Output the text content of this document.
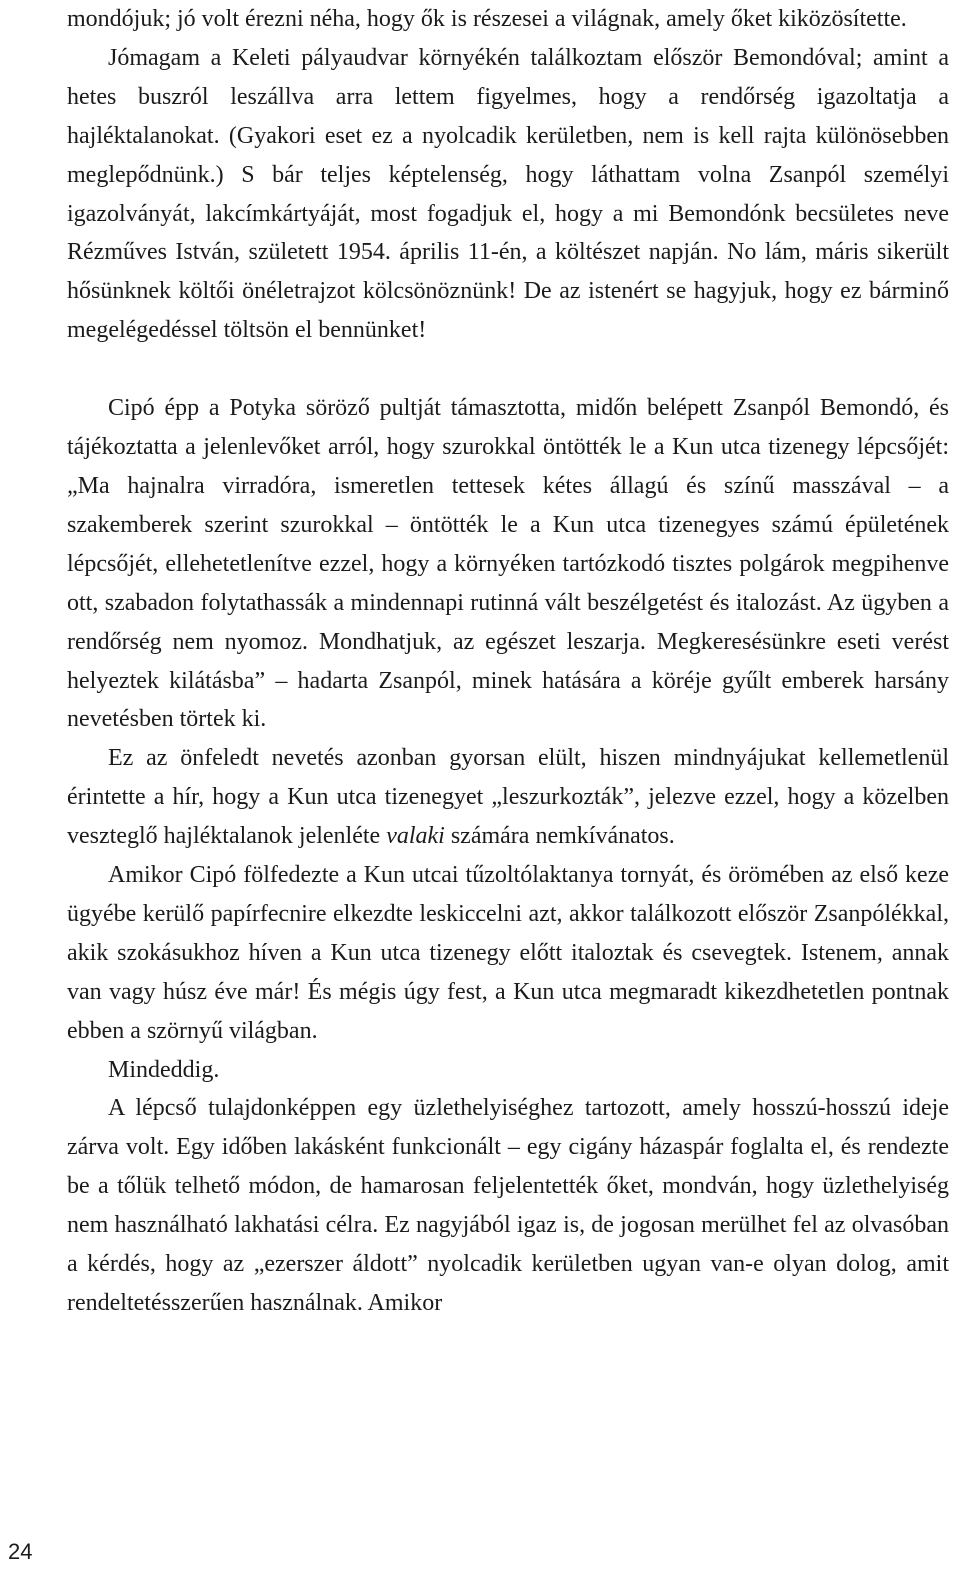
mondójuk; jó volt érezni néha, hogy ők is részesei a világnak, amely őket kiközösítette.

Jómagam a Keleti pályaudvar környékén találkoztam először Bemondóval; amint a hetes buszról leszállva arra lettem figyelmes, hogy a rendőrség igazoltatja a hajléktalanokat. (Gyakori eset ez a nyolcadik kerületben, nem is kell rajta különösebben meglepődnünk.) S bár teljes képtelenség, hogy láthattam volna Zsanpól személyi igazolványát, lakcímkártyáját, most fogadjuk el, hogy a mi Bemondónk becsületes neve Rézműves István, született 1954. április 11-én, a költészet napján. No lám, máris sikerült hősünknek költői önéletrajzot kölcsönöznünk! De az istenért se hagyjuk, hogy ez bárminő megelégedéssel töltsön el bennünket!

Cipó épp a Potyka söröző pultját támasztotta, midőn belépett Zsanpól Bemondó, és tájékoztatta a jelenlevőket arról, hogy szurokkal öntötték le a Kun utca tizenegy lépcsőjét: „Ma hajnalra virradóra, ismeretlen tettesek kétes állagú és színű masszával – a szakemberek szerint szurokkal – öntötték le a Kun utca tizenegyes számú épületének lépcsőjét, ellehetetlenítve ezzel, hogy a környéken tartózkodó tisztes polgárok megpihenve ott, szabadon folytathassák a mindennapi rutinná vált beszélgetést és italozást. Az ügyben a rendőrség nem nyomoz. Mondhatjuk, az egészet leszarja. Megkeresésünkre eseti verést helyeztek kilátásba” – hadarta Zsanpól, minek hatására a köréje gyűlt emberek harsány nevetésben törtek ki.

Ez az önfeledt nevetés azonban gyorsan elült, hiszen mindnyájukat kellemetlenül érintette a hír, hogy a Kun utca tizenegyet „leszurkozták”, jelezve ezzel, hogy a közelben veszteglő hajléktalanok jelenléte valaki számára nemkívánatos.

Amikor Cipó fölfedezte a Kun utcai tűzoltólaktanya tornyát, és örömében az első keze ügyébe kerülő papírfecnire elkezdte leskiccelni azt, akkor találkozott először Zsanpólékkal, akik szokásukhoz híven a Kun utca tizenegy előtt italoztak és csevegtek. Istenem, annak van vagy húsz éve már! És mégis úgy fest, a Kun utca megmaradt kikezdhetetlen pontnak ebben a szörnyű világban.

Mindeddig.

A lépcső tulajdonképpen egy üzlethelyiséghez tartozott, amely hosszú-hosszú ideje zárva volt. Egy időben lakásként funkcionált – egy cigány házaspár foglalta el, és rendezte be a tőlük telhető módon, de hamarosan feljelentették őket, mondván, hogy üzlethelyiség nem használható lakhatási célra. Ez nagyjából igaz is, de jogosan merülhet fel az olvasóban a kérdés, hogy az „ezerszer áldott” nyolcadik kerületben ugyan van-e olyan dolog, amit rendeltetésszerűen használnak. Amikor

24
